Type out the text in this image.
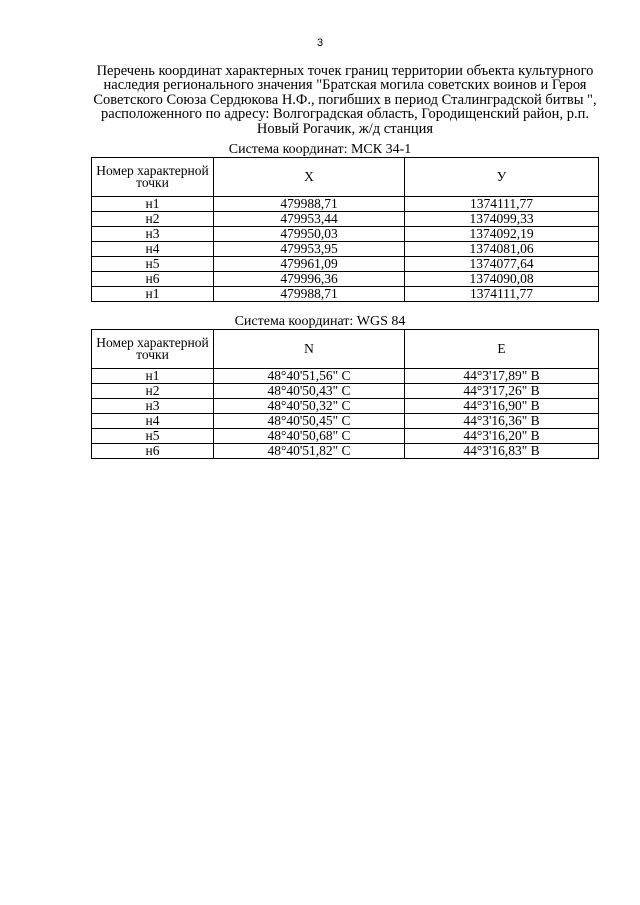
3
Перечень координат характерных точек границ территории объекта культурного наследия регионального значения "Братская могила советских воинов и Героя Советского Союза Сердюкова Н.Ф., погибших в период Сталинградской битвы ", расположенного по адресу: Волгоградская область, Городищенский район, р.п. Новый Рогачик, ж/д станция
Система координат: МСК 34-1
Номер характерной точки	X	У
н1	479988,71	1374111,77
н2	479953,44	1374099,33
н3	479950,03	1374092,19
н4	479953,95	1374081,06
н5	479961,09	1374077,64
н6	479996,36	1374090,08
н1	479988,71	1374111,77
Система координат: WGS 84
Номер характерной точки	N	E
н1	48°40'51,56" С	44°3'17,89" В
н2	48°40'50,43" С	44°3'17,26" В
н3	48°40'50,32" С	44°3'16,90" В
н4	48°40'50,45" С	44°3'16,36" В
н5	48°40'50,68" С	44°3'16,20" В
н6	48°40'51,82" С	44°3'16,83" В
